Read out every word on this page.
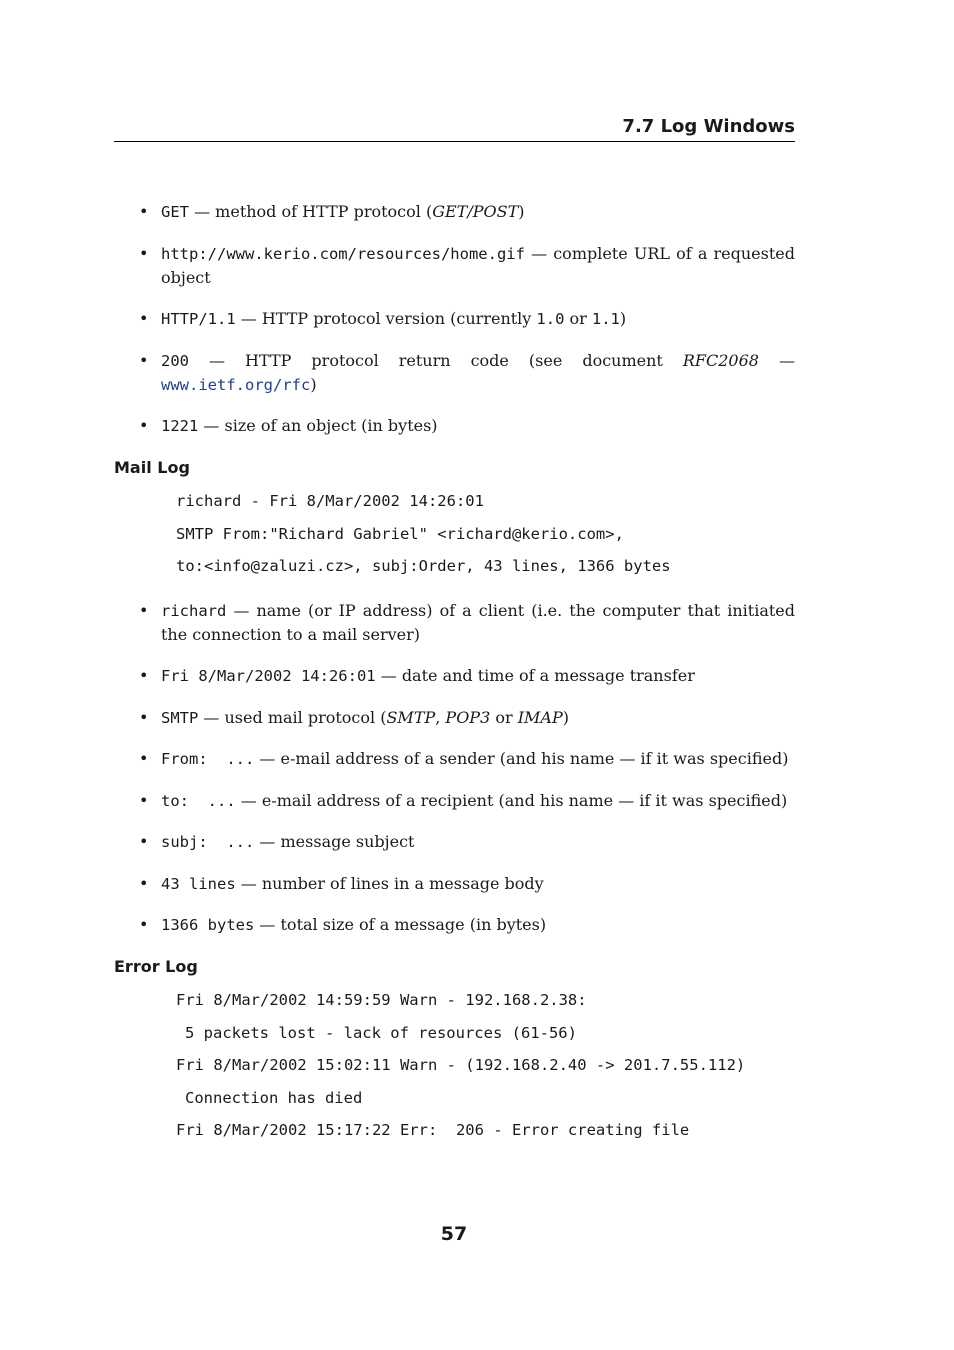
7.7 Log Windows
• GET — method of HTTP protocol (GET/POST)
• http://www.kerio.com/resources/home.gif — complete URL of a requested object
• HTTP/1.1 — HTTP protocol version (currently 1.0 or 1.1)
• 200 — HTTP protocol return code (see document RFC2068 — www.ietf.org/rfc)
• 1221 — size of an object (in bytes)
Mail Log
richard - Fri 8/Mar/2002 14:26:01
SMTP From:"Richard Gabriel" <richard@kerio.com>,
to:<info@zaluzi.cz>, subj:Order, 43 lines, 1366 bytes
• richard — name (or IP address) of a client (i.e. the computer that initiated the connection to a mail server)
• Fri 8/Mar/2002 14:26:01 — date and time of a message transfer
• SMTP — used mail protocol (SMTP, POP3 or IMAP)
• From:  ... — e-mail address of a sender (and his name — if it was specified)
• to:  ... — e-mail address of a recipient (and his name — if it was specified)
• subj:  ... — message subject
• 43 lines — number of lines in a message body
• 1366 bytes — total size of a message (in bytes)
Error Log
Fri 8/Mar/2002 14:59:59 Warn - 192.168.2.38:
5 packets lost - lack of resources (61-56)
Fri 8/Mar/2002 15:02:11 Warn - (192.168.2.40 -> 201.7.55.112)
Connection has died
Fri 8/Mar/2002 15:17:22 Err:  206 - Error creating file
57
